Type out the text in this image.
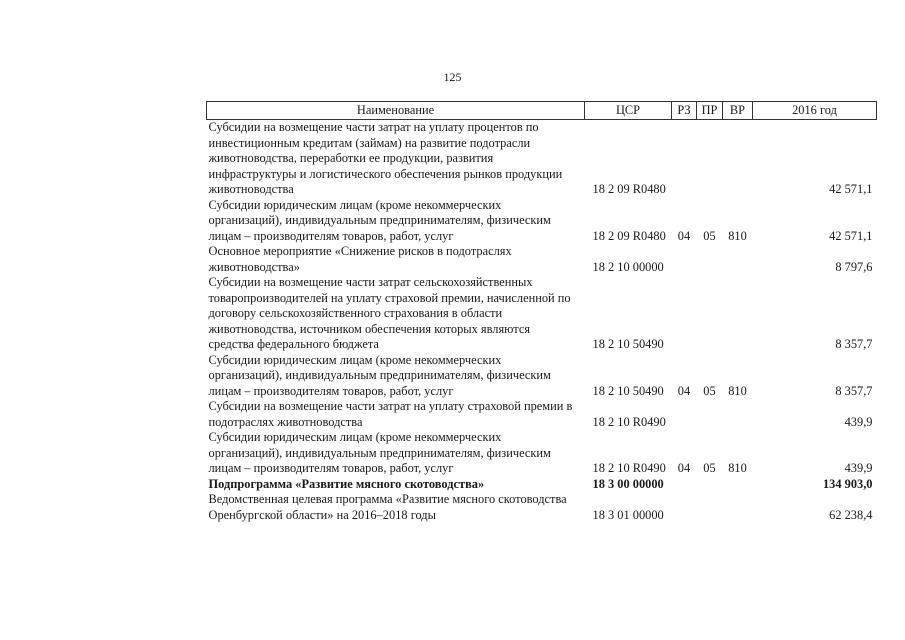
125
Наименование	ЦСР	РЗ	ПР	ВР	2016 год
Субсидии на возмещение части затрат на уплату процентов по инвестиционным кредитам (займам) на развитие подотрасли животноводства, переработки ее продукции, развития инфраструктуры и логистического обеспечения рынков продукции животноводства	18 2 09 R0480				42 571,1
Субсидии юридическим лицам (кроме некоммерческих организаций), индивидуальным предпринимателям, физическим лицам – производителям товаров, работ, услуг	18 2 09 R0480	04	05	810	42 571,1
Основное мероприятие «Снижение рисков в подотраслях животноводства»	18 2 10 00000				8 797,6
Субсидии на возмещение части затрат сельскохозяйственных товаропроизводителей на уплату страховой премии, начисленной по договору сельскохозяйственного страхования в области животноводства, источником обеспечения которых являются средства федерального бюджета	18 2 10 50490				8 357,7
Субсидии юридическим лицам (кроме некоммерческих организаций), индивидуальным предпринимателям, физическим лицам – производителям товаров, работ, услуг	18 2 10 50490	04	05	810	8 357,7
Субсидии на возмещение части затрат на уплату страховой премии в подотраслях животноводства	18 2 10 R0490				439,9
Субсидии юридическим лицам (кроме некоммерческих организаций), индивидуальным предпринимателям, физическим лицам – производителям товаров, работ, услуг	18 2 10 R0490	04	05	810	439,9
Подпрограмма «Развитие мясного скотоводства»	18 3 00 00000				134 903,0
Ведомственная целевая программа «Развитие мясного скотоводства Оренбургской области» на 2016–2018 годы	18 3 01 00000				62 238,4
